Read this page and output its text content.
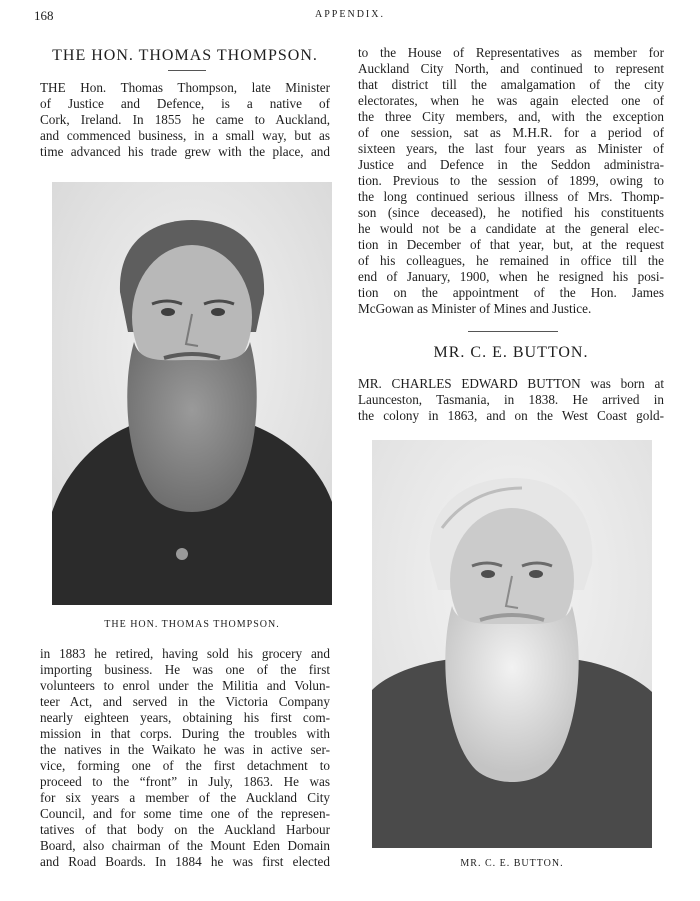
168	APPENDIX.
THE HON. THOMAS THOMPSON.
THE Hon. Thomas Thompson, late Minister
of Justice and Defence, is a native of
Cork, Ireland. In 1855 he came to Auckland,
and commenced business, in a small way, but as
time advanced his trade grew with the place, and
THE HON. THOMAS THOMPSON.
in 1883 he retired, having sold his grocery and
importing business. He was one of the first
volunteers to enrol under the Militia and Volun-
teer Act, and served in the Victoria Company
nearly eighteen years, obtaining his first com-
mission in that corps. During the troubles with
the natives in the Waikato he was in active ser-
vice, forming one of the first detachment to
proceed to the “front” in July, 1863. He was
for six years a member of the Auckland City
Council, and for some time one of the represen-
tatives of that body on the Auckland Harbour
Board, also chairman of the Mount Eden Domain
and Road Boards. In 1884 he was first elected
to the House of Representatives as member for
Auckland City North, and continued to represent
that district till the amalgamation of the city
electorates, when he was again elected one of
the three City members, and, with the exception
of one session, sat as M.H.R. for a period of
sixteen years, the last four years as Minister of
Justice and Defence in the Seddon administra-
tion. Previous to the session of 1899, owing to
the long continued serious illness of Mrs. Thomp-
son (since deceased), he notified his constituents
he would not be a candidate at the general elec-
tion in December of that year, but, at the request
of his colleagues, he remained in office till the
end of January, 1900, when he resigned his posi-
tion on the appointment of the Hon. James
McGowan as Minister of Mines and Justice.
MR. C. E. BUTTON.
MR. CHARLES EDWARD BUTTON was born at
Launceston, Tasmania, in 1838. He arrived in
the colony in 1863, and on the West Coast gold-
MR. C. E. BUTTON.
